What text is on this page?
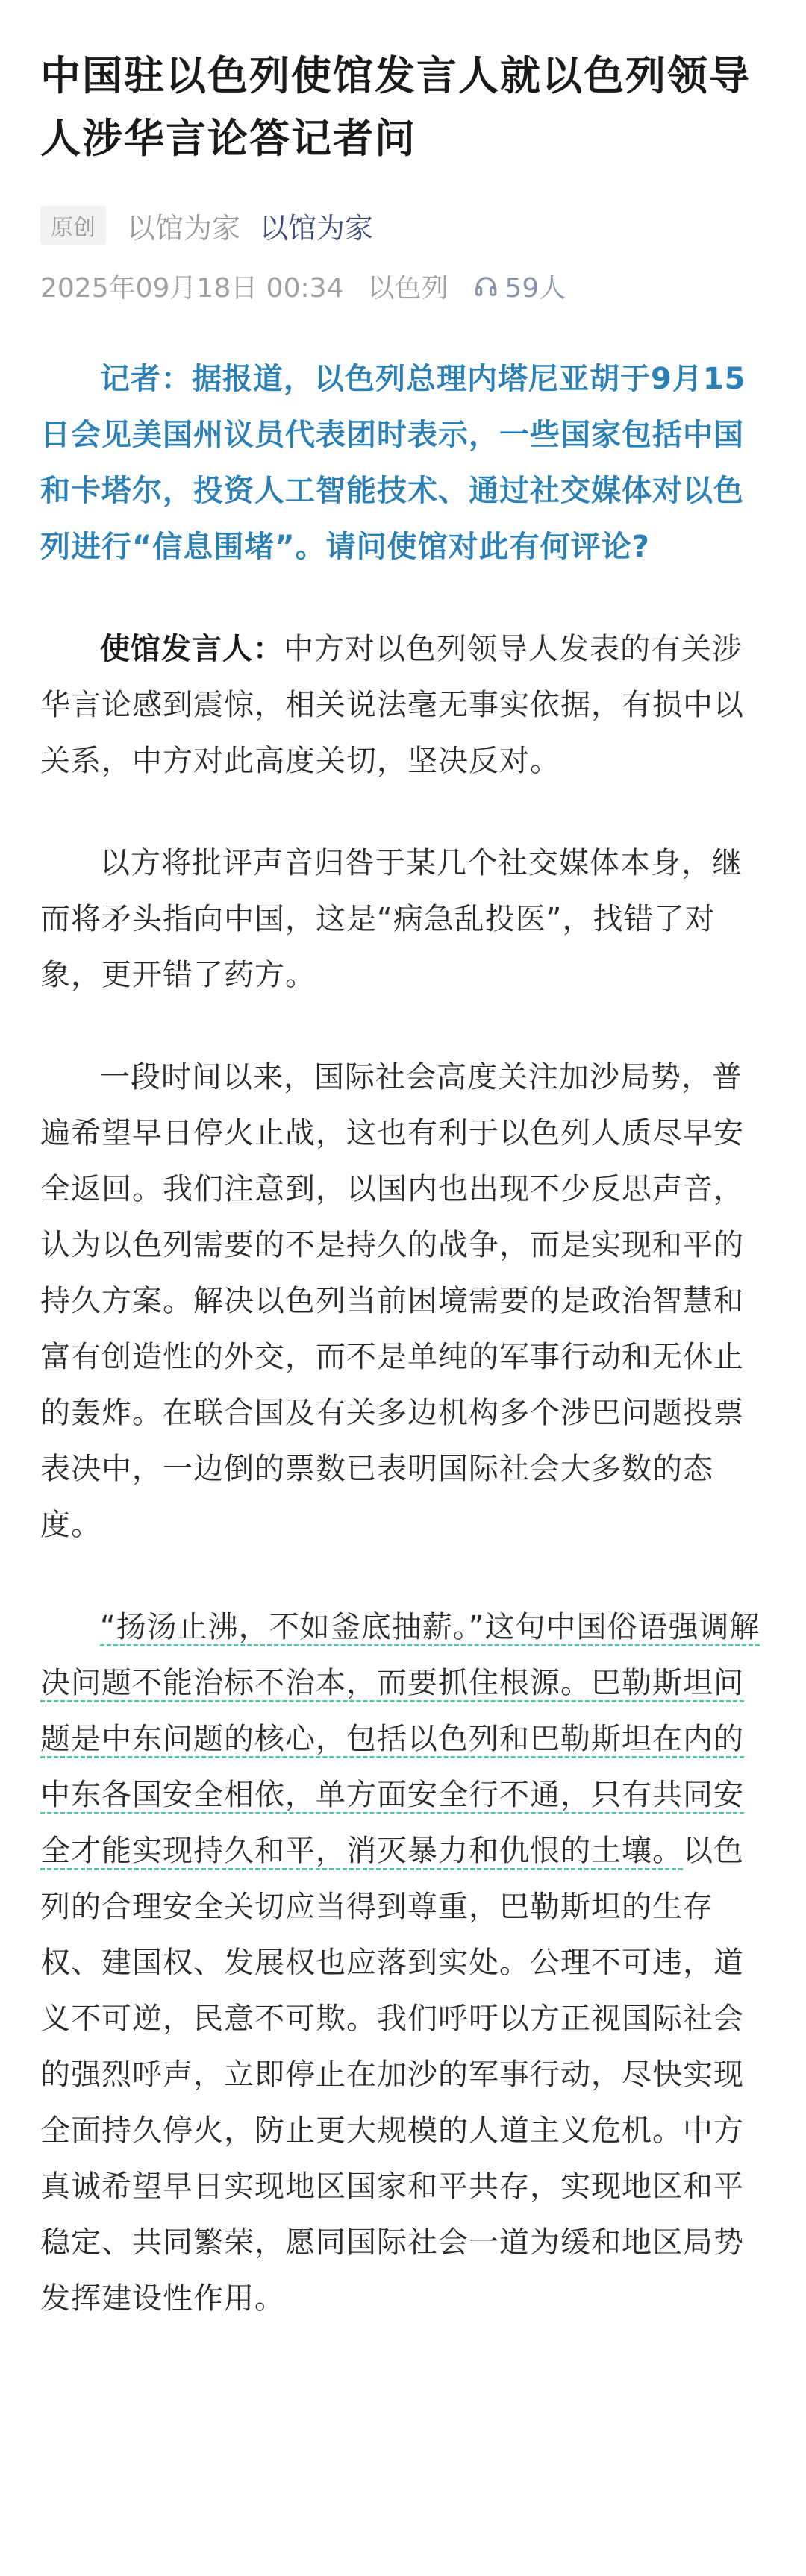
中国驻以色列使馆发言人就以色列领导人涉华言论答记者问
原创	以馆为家 以馆为家
2025年09月18日 00:34 以色列 59人

记者：据报道，以色列总理内塔尼亚胡于9月15日会见美国州议员代表团时表示，一些国家包括中国和卡塔尔，投资人工智能技术、通过社交媒体对以色列进行“信息围堵”。请问使馆对此有何评论?

使馆发言人：中方对以色列领导人发表的有关涉华言论感到震惊，相关说法毫无事实依据，有损中以关系，中方对此高度关切，坚决反对。

以方将批评声音归咎于某几个社交媒体本身，继而将矛头指向中国，这是“病急乱投医”，找错了对象，更开错了药方。

一段时间以来，国际社会高度关注加沙局势，普遍希望早日停火止战，这也有利于以色列人质尽早安全返回。我们注意到，以国内也出现不少反思声音，认为以色列需要的不是持久的战争，而是实现和平的持久方案。解决以色列当前困境需要的是政治智慧和富有创造性的外交，而不是单纯的军事行动和无休止的轰炸。在联合国及有关多边机构多个涉巴问题投票表决中，一边倒的票数已表明国际社会大多数的态度。

“扬汤止沸，不如釜底抽薪。”这句中国俗语强调解决问题不能治标不治本，而要抓住根源。巴勒斯坦问题是中东问题的核心，包括以色列和巴勒斯坦在内的中东各国安全相依，单方面安全行不通，只有共同安全才能实现持久和平，消灭暴力和仇恨的土壤。以色列的合理安全关切应当得到尊重，巴勒斯坦的生存权、建国权、发展权也应落到实处。公理不可违，道义不可逆，民意不可欺。我们呼吁以方正视国际社会的强烈呼声，立即停止在加沙的军事行动，尽快实现全面持久停火，防止更大规模的人道主义危机。中方真诚希望早日实现地区国家和平共存，实现地区和平稳定、共同繁荣，愿同国际社会一道为缓和地区局势发挥建设性作用。
